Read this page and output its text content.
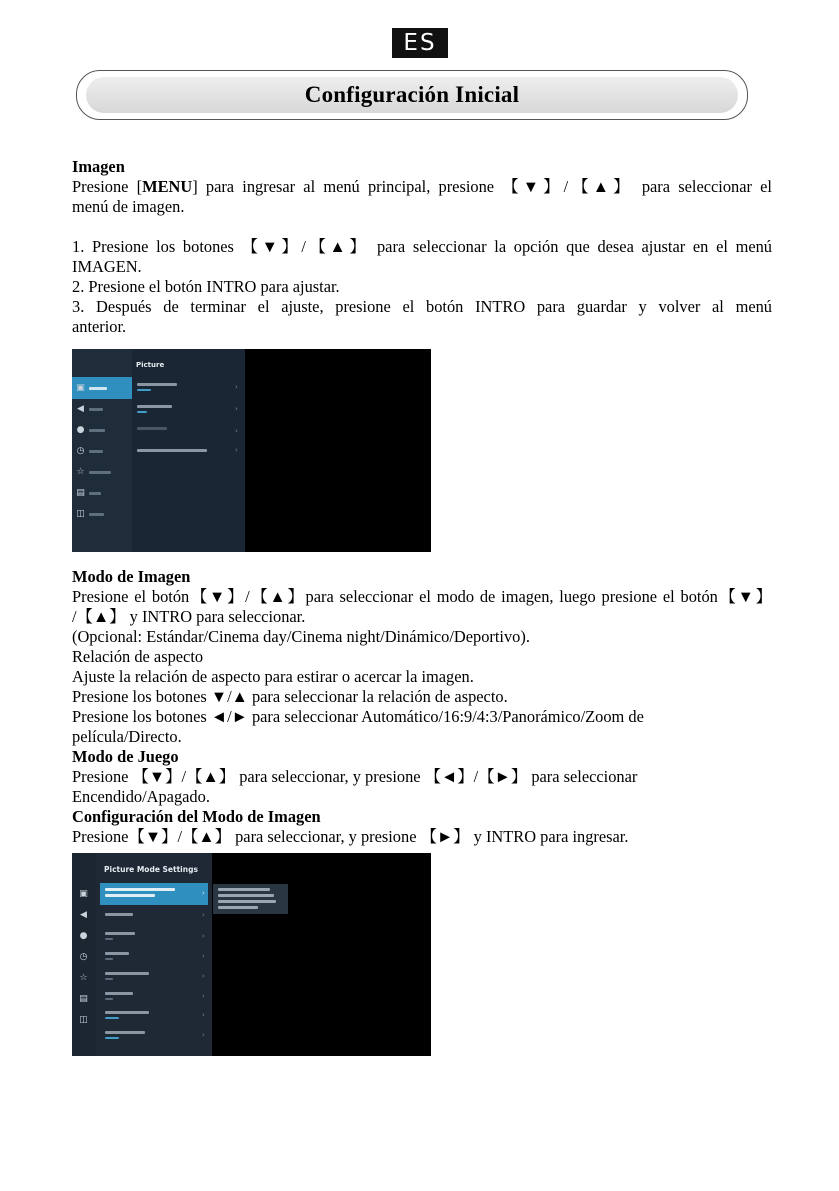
ES
Configuración Inicial
Imagen
Presione [MENU] para ingresar al menú principal, presione 【▼】/【▲】 para seleccionar el
menú de imagen.
1. Presione los botones 【▼】/【▲】 para seleccionar la opción que desea ajustar en el menú
IMAGEN.
2. Presione el botón INTRO para ajustar.
3. Después de terminar el ajuste, presione el botón INTRO para guardar y volver al menú
anterior.
Picture
▣
◀
●
◷
☆
▤
◫
›
›
›
›
Modo de Imagen
Presione el botón【▼】/【▲】para seleccionar el modo de imagen, luego presione el botón【▼】
/【▲】 y INTRO para seleccionar.
(Opcional: Estándar/Cinema day/Cinema night/Dinámico/Deportivo).
Relación de aspecto
Ajuste la relación de aspecto para estirar o acercar la imagen.
Presione los botones ▼/▲ para seleccionar la relación de aspecto.
Presione los botones ◄/► para seleccionar Automático/16:9/4:3/Panorámico/Zoom de
película/Directo.
Modo de Juego
Presione 【▼】/【▲】 para seleccionar, y presione 【◄】/【►】 para seleccionar
Encendido/Apagado.
Configuración del Modo de Imagen
Presione【▼】/【▲】 para seleccionar, y presione 【►】 y INTRO para ingresar.
Picture Mode Settings
▣
◀
●
◷
☆
▤
◫
›
›
›
›
›
›
›
›
